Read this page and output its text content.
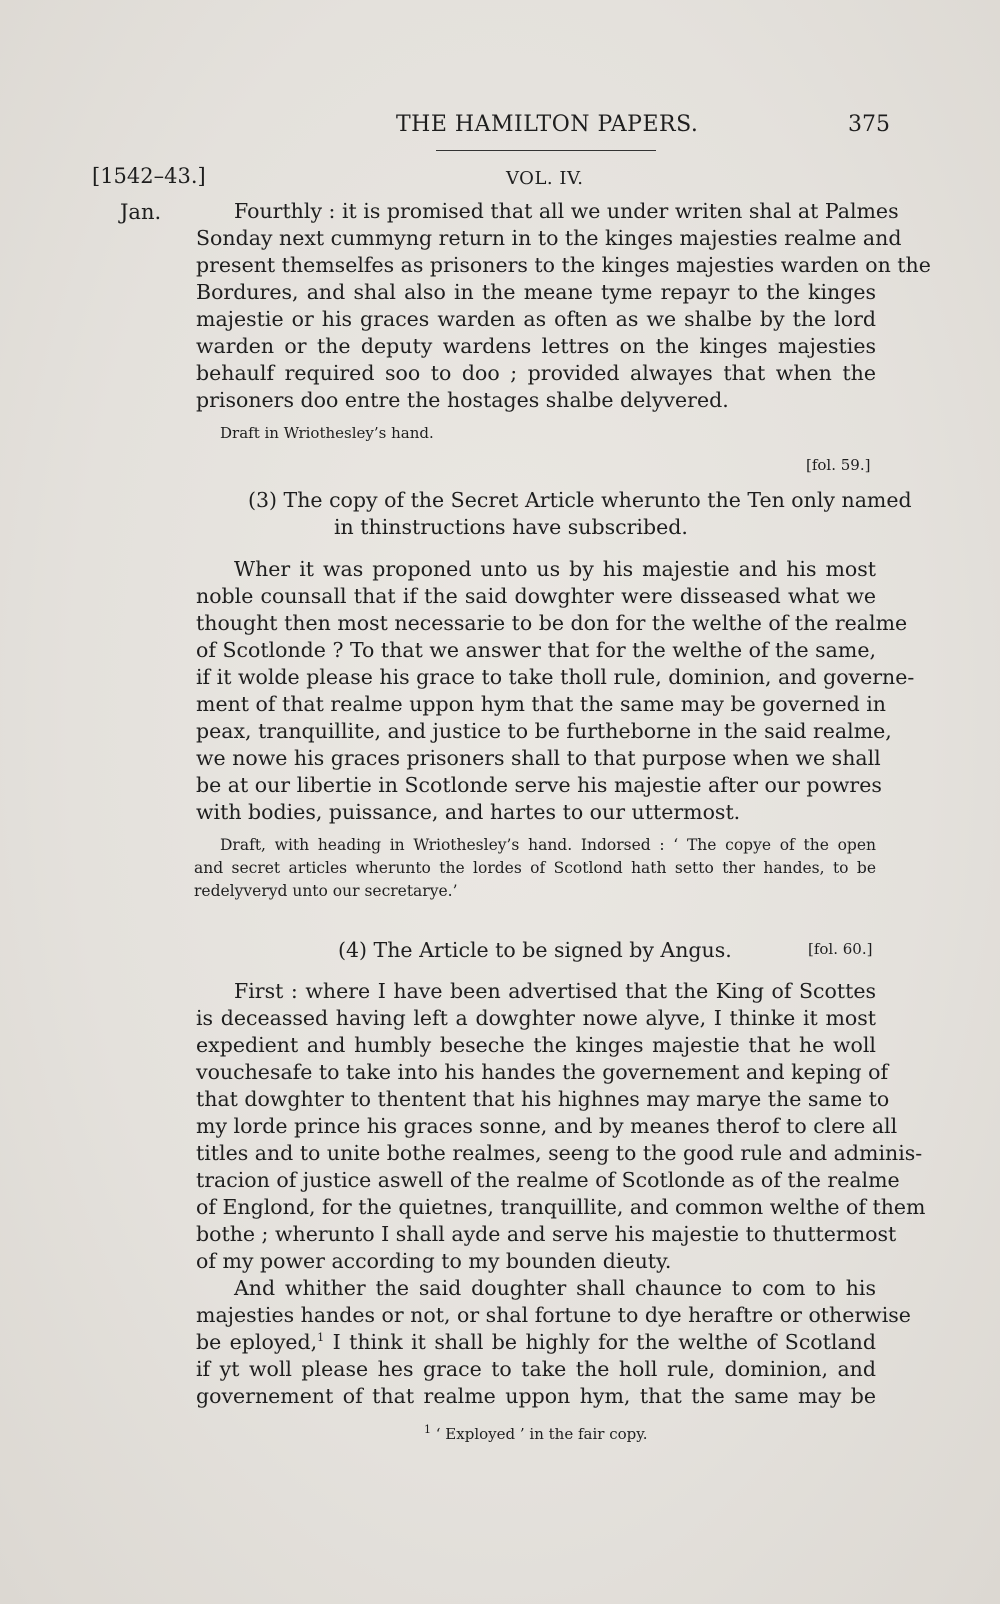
THE HAMILTON PAPERS.	375
[1542–43.]	VOL. IV.
Jan.	Fourthly : it is promised that all we under writen shal at Palmes
Sonday next cummyng return in to the kinges majesties realme and
present themselfes as prisoners to the kinges majesties warden on the
Bordures, and shal also in the meane tyme repayr to the kinges
majestie or his graces warden as often as we shalbe by the lord
warden or the deputy wardens lettres on the kinges majesties
behaulf required soo to doo ; provided alwayes that when the
prisoners doo entre the hostages shalbe delyvered.
Draft in Wriothesley’s hand.
[fol. 59.]
(3) The copy of the Secret Article wherunto the Ten only named
in thinstructions have subscribed.
Wher it was proponed unto us by his majestie and his most
noble counsall that if the said dowghter were disseased what we
thought then most necessarie to be don for the welthe of the realme
of Scotlonde ? To that we answer that for the welthe of the same,
if it wolde please his grace to take tholl rule, dominion, and governe-
ment of that realme uppon hym that the same may be governed in
peax, tranquillite, and justice to be furtheborne in the said realme,
we nowe his graces prisoners shall to that purpose when we shall
be at our libertie in Scotlonde serve his majestie after our powres
with bodies, puissance, and hartes to our uttermost.
Draft, with heading in Wriothesley’s hand. Indorsed : ‘ The copye of the open
and secret articles wherunto the lordes of Scotlond hath setto ther handes, to be
redelyveryd unto our secretarye.’
(4) The Article to be signed by Angus.	[fol. 60.]
First : where I have been advertised that the King of Scottes
is deceassed having left a dowghter nowe alyve, I thinke it most
expedient and humbly beseche the kinges majestie that he woll
vouchesafe to take into his handes the governement and keping of
that dowghter to thentent that his highnes may marye the same to
my lorde prince his graces sonne, and by meanes therof to clere all
titles and to unite bothe realmes, seeng to the good rule and adminis-
tracion of justice aswell of the realme of Scotlonde as of the realme
of Englond, for the quietnes, tranquillite, and common welthe of them
bothe ; wherunto I shall ayde and serve his majestie to thuttermost
of my power according to my bounden dieuty.
And whither the said doughter shall chaunce to com to his
majesties handes or not, or shal fortune to dye heraftre or otherwise
be eployed,$^1$ I think it shall be highly for the welthe of Scotland
if yt woll please hes grace to take the holl rule, dominion, and
governement of that realme uppon hym, that the same may be
$^1$ ‘ Exployed ’ in the fair copy.
